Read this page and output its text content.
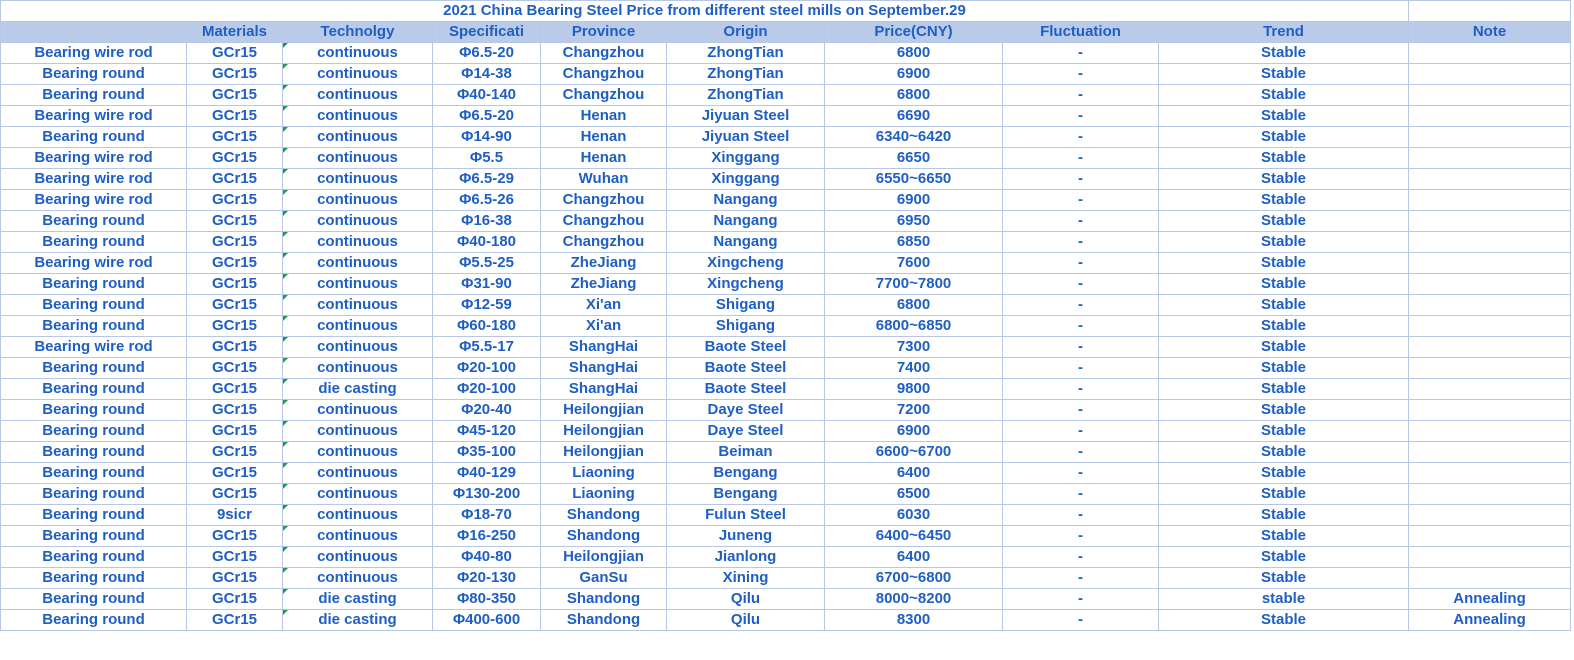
2021 China Bearing Steel Price from different steel mills on September.29									
	Materials	Technolgy	Specificati	Province	Origin	Price(CNY)	Fluctuation	Trend	Note
Bearing wire rod	GCr15	continuous	Φ6.5-20	Changzhou	ZhongTian	6800	-	Stable	
Bearing round	GCr15	continuous	Φ14-38	Changzhou	ZhongTian	6900	-	Stable	
Bearing round	GCr15	continuous	Φ40-140	Changzhou	ZhongTian	6800	-	Stable	
Bearing wire rod	GCr15	continuous	Φ6.5-20	Henan	Jiyuan Steel	6690	-	Stable	
Bearing round	GCr15	continuous	Φ14-90	Henan	Jiyuan Steel	6340~6420	-	Stable	
Bearing wire rod	GCr15	continuous	Φ5.5	Henan	Xinggang	6650	-	Stable	
Bearing wire rod	GCr15	continuous	Φ6.5-29	Wuhan	Xinggang	6550~6650	-	Stable	
Bearing wire rod	GCr15	continuous	Φ6.5-26	Changzhou	Nangang	6900	-	Stable	
Bearing round	GCr15	continuous	Φ16-38	Changzhou	Nangang	6950	-	Stable	
Bearing round	GCr15	continuous	Φ40-180	Changzhou	Nangang	6850	-	Stable	
Bearing wire rod	GCr15	continuous	Φ5.5-25	ZheJiang	Xingcheng	7600	-	Stable	
Bearing round	GCr15	continuous	Φ31-90	ZheJiang	Xingcheng	7700~7800	-	Stable	
Bearing round	GCr15	continuous	Φ12-59	Xi'an	Shigang	6800	-	Stable	
Bearing round	GCr15	continuous	Φ60-180	Xi'an	Shigang	6800~6850	-	Stable	
Bearing wire rod	GCr15	continuous	Φ5.5-17	ShangHai	Baote Steel	7300	-	Stable	
Bearing round	GCr15	continuous	Φ20-100	ShangHai	Baote Steel	7400	-	Stable	
Bearing round	GCr15	die casting	Φ20-100	ShangHai	Baote Steel	9800	-	Stable	
Bearing round	GCr15	continuous	Φ20-40	Heilongjian	Daye Steel	7200	-	Stable	
Bearing round	GCr15	continuous	Φ45-120	Heilongjian	Daye Steel	6900	-	Stable	
Bearing round	GCr15	continuous	Φ35-100	Heilongjian	Beiman	6600~6700	-	Stable	
Bearing round	GCr15	continuous	Φ40-129	Liaoning	Bengang	6400	-	Stable	
Bearing round	GCr15	continuous	Φ130-200	Liaoning	Bengang	6500	-	Stable	
Bearing round	9sicr	continuous	Φ18-70	Shandong	Fulun Steel	6030	-	Stable	
Bearing round	GCr15	continuous	Φ16-250	Shandong	Juneng	6400~6450	-	Stable	
Bearing round	GCr15	continuous	Φ40-80	Heilongjian	Jianlong	6400	-	Stable	
Bearing round	GCr15	continuous	Φ20-130	GanSu	Xining	6700~6800	-	Stable	
Bearing round	GCr15	die casting	Φ80-350	Shandong	Qilu	8000~8200	-	stable	Annealing
Bearing round	GCr15	die casting	Φ400-600	Shandong	Qilu	8300	-	Stable	Annealing
